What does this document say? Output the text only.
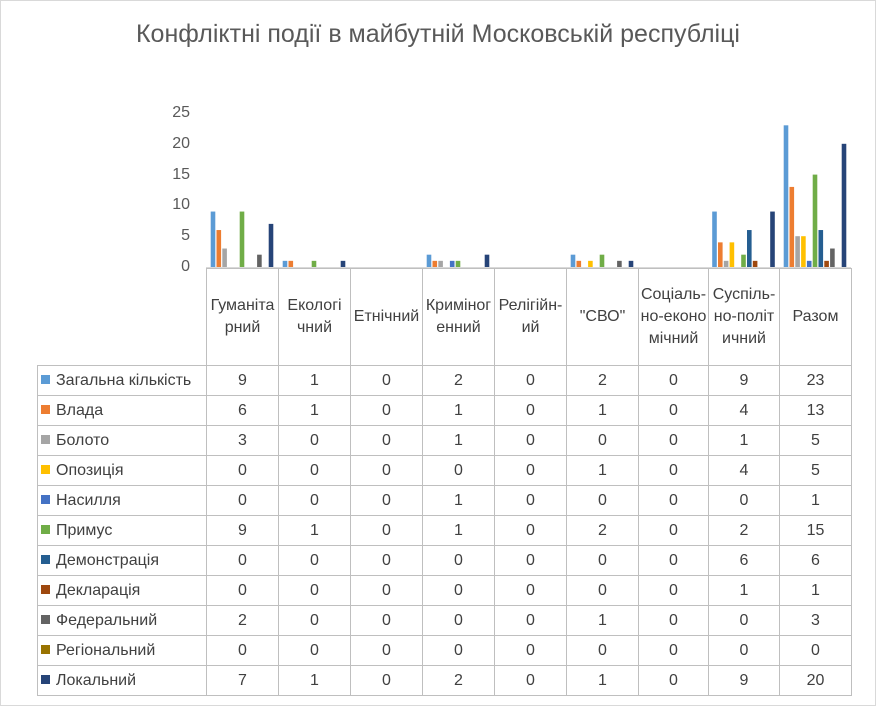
Конфліктні події в майбутній Московській республіці
0
5
10
15
20
25
	Гуманітарний	Екологічний	Етнічний	Криміногенний	Релігійний	"СВО"	Соціально-економічний	Суспільно-політичний	Разом
Загальна кількість	9	1	0	2	0	2	0	9	23
Влада	6	1	0	1	0	1	0	4	13
Болото	3	0	0	1	0	0	0	1	5
Опозиція	0	0	0	0	0	1	0	4	5
Насилля	0	0	0	1	0	0	0	0	1
Примус	9	1	0	1	0	2	0	2	15
Демонстрація	0	0	0	0	0	0	0	6	6
Декларація	0	0	0	0	0	0	0	1	1
Федеральний	2	0	0	0	0	1	0	0	3
Регіональний	0	0	0	0	0	0	0	0	0
Локальний	7	1	0	2	0	1	0	9	20
